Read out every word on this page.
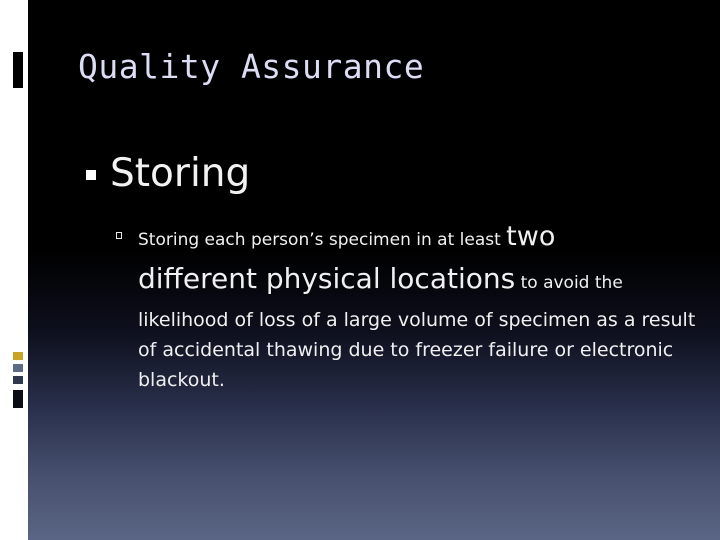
Quality Assurance
Storing

Storing each person’s specimen in at least two
different physical locations to avoid the
likelihood of loss of a large volume of specimen as a result of accidental thawing due to freezer failure or electronic blackout.
